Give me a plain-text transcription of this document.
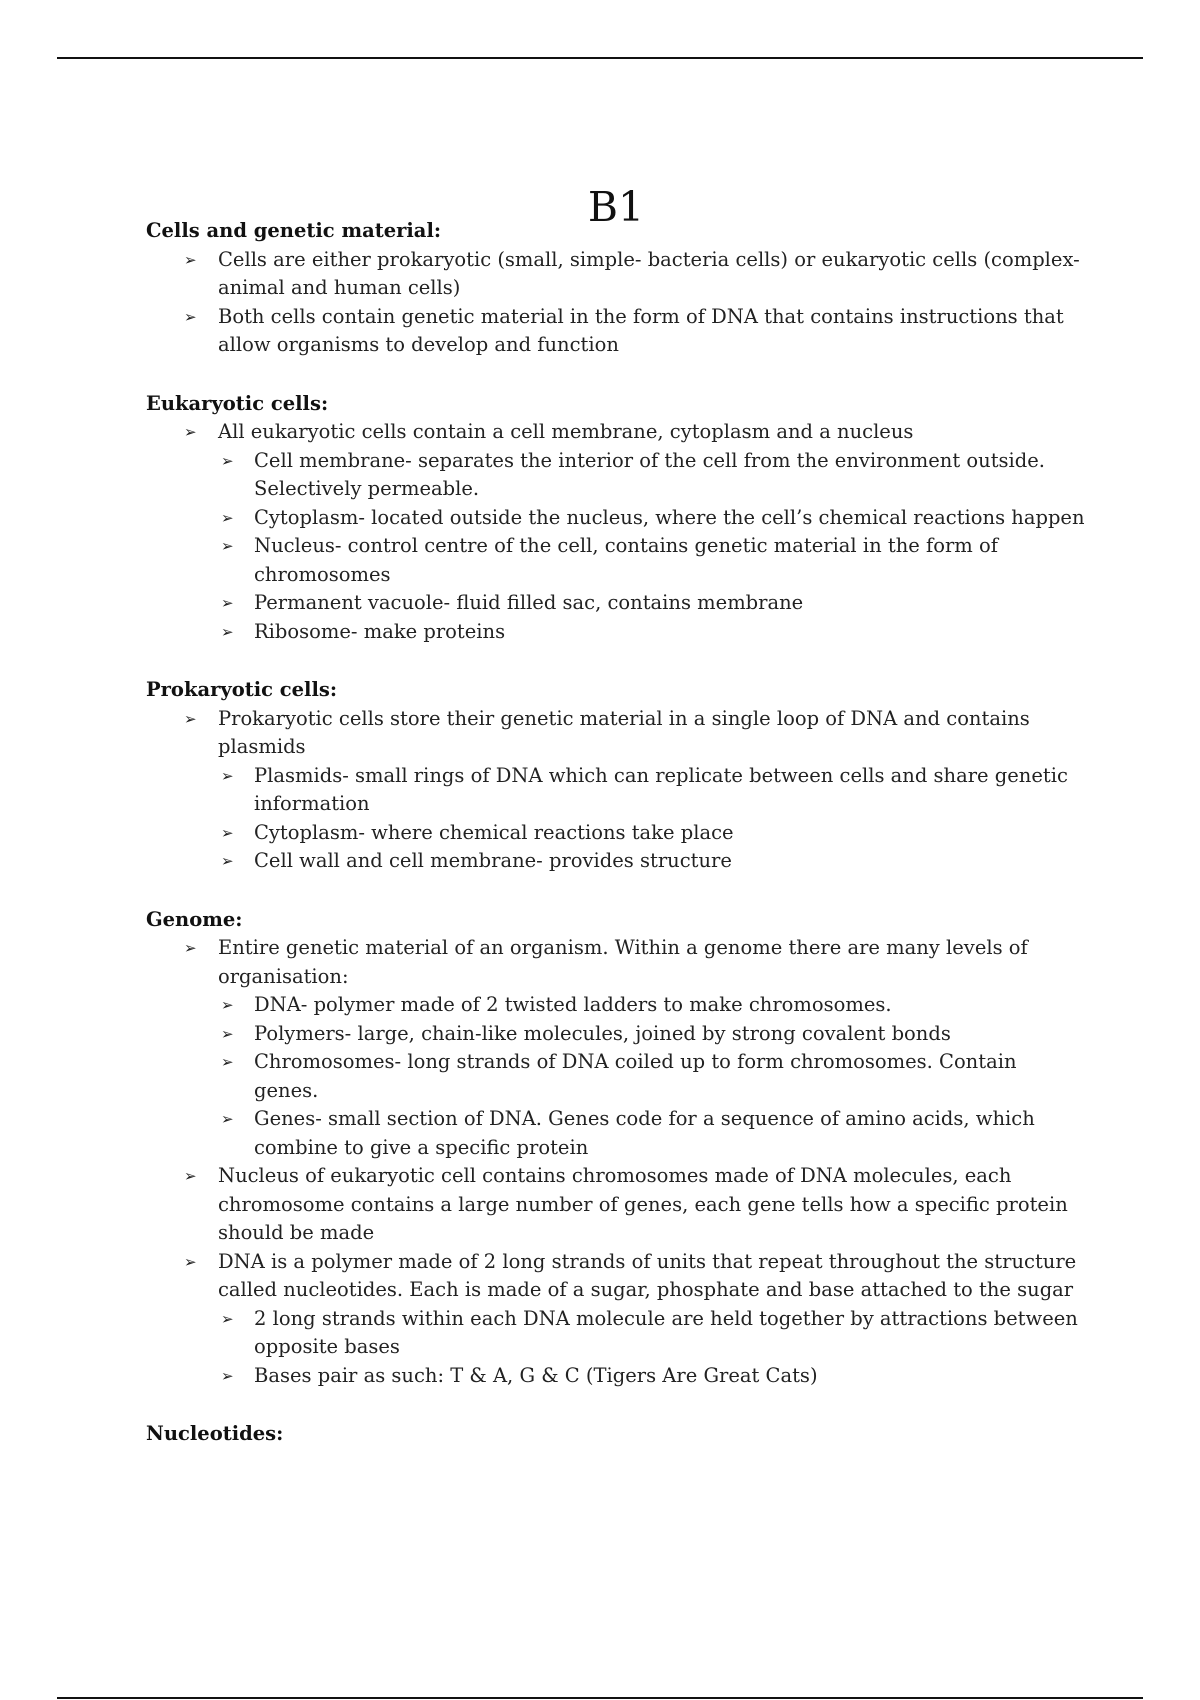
B1
Cells and genetic material:
➢ Cells are either prokaryotic (small, simple- bacteria cells) or eukaryotic cells (complex- animal and human cells)
➢ Both cells contain genetic material in the form of DNA that contains instructions that allow organisms to develop and function
Eukaryotic cells:
➢ All eukaryotic cells contain a cell membrane, cytoplasm and a nucleus
➢ Cell membrane- separates the interior of the cell from the environment outside. Selectively permeable.
➢ Cytoplasm- located outside the nucleus, where the cell’s chemical reactions happen
➢ Nucleus- control centre of the cell, contains genetic material in the form of chromosomes
➢ Permanent vacuole- fluid filled sac, contains membrane
➢ Ribosome- make proteins
Prokaryotic cells:
➢ Prokaryotic cells store their genetic material in a single loop of DNA and contains plasmids
➢ Plasmids- small rings of DNA which can replicate between cells and share genetic information
➢ Cytoplasm- where chemical reactions take place
➢ Cell wall and cell membrane- provides structure
Genome:
➢ Entire genetic material of an organism. Within a genome there are many levels of organisation:
➢ DNA- polymer made of 2 twisted ladders to make chromosomes.
➢ Polymers- large, chain-like molecules, joined by strong covalent bonds
➢ Chromosomes- long strands of DNA coiled up to form chromosomes. Contain genes.
➢ Genes- small section of DNA. Genes code for a sequence of amino acids, which combine to give a specific protein
➢ Nucleus of eukaryotic cell contains chromosomes made of DNA molecules, each chromosome contains a large number of genes, each gene tells how a specific protein should be made
➢ DNA is a polymer made of 2 long strands of units that repeat throughout the structure called nucleotides. Each is made of a sugar, phosphate and base attached to the sugar
➢ 2 long strands within each DNA molecule are held together by attractions between opposite bases
➢ Bases pair as such: T & A, G & C (Tigers Are Great Cats)
Nucleotides:
